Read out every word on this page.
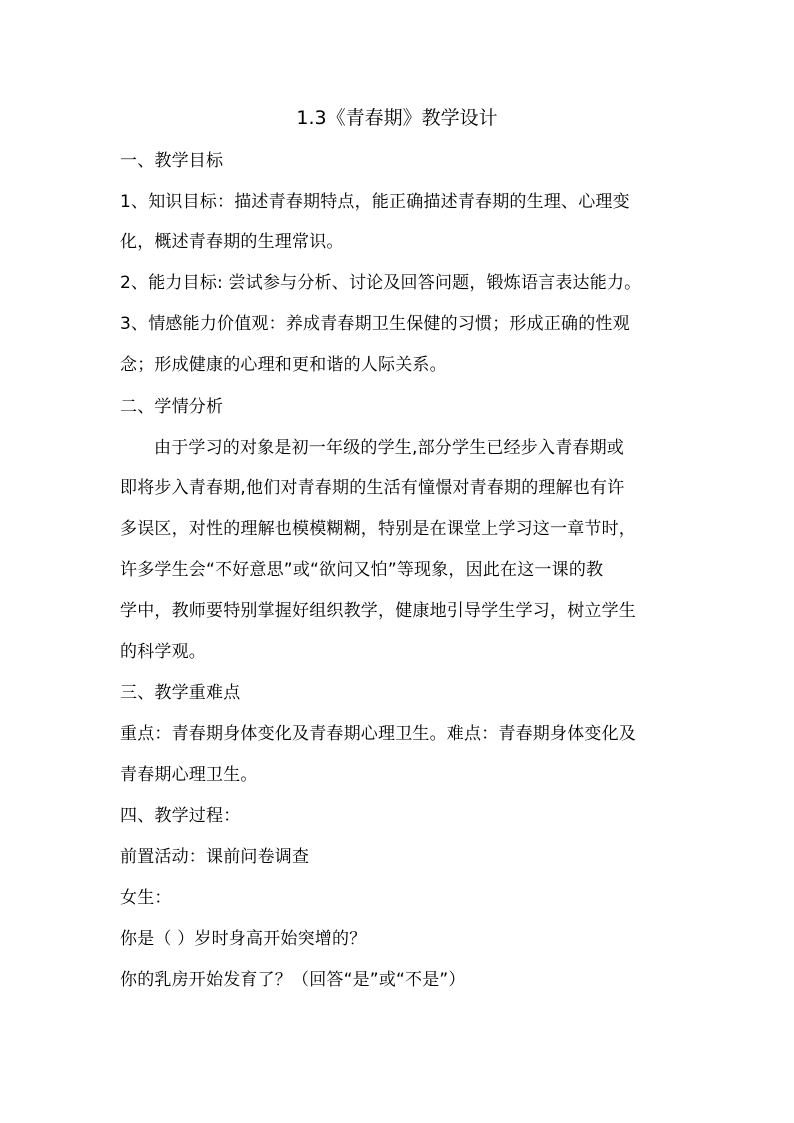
1.3《青春期》教学设计
一、教学目标
1、知识目标：描述青春期特点，能正确描述青春期的生理、心理变
化，概述青春期的生理常识。
2、能力目标: 尝试参与分析、讨论及回答问题，锻炼语言表达能力。
3、情感能力价值观：养成青春期卫生保健的习惯；形成正确的性观
念；形成健康的心理和更和谐的人际关系。
二、学情分析
由于学习的对象是初一年级的学生,部分学生已经步入青春期或
即将步入青春期,他们对青春期的生活有憧憬对青春期的理解也有许
多误区，对性的理解也模模糊糊，特别是在课堂上学习这一章节时，
许多学生会“不好意思”或“欲问又怕”等现象，因此在这一课的教
学中，教师要特别掌握好组织教学，健康地引导学生学习，树立学生
的科学观。
三、教学重难点
重点：青春期身体变化及青春期心理卫生。难点：青春期身体变化及
青春期心理卫生。
四、教学过程：
前置活动：课前问卷调查
女生：
你是（ ）岁时身高开始突增的？
你的乳房开始发育了？（回答“是”或“不是”）
